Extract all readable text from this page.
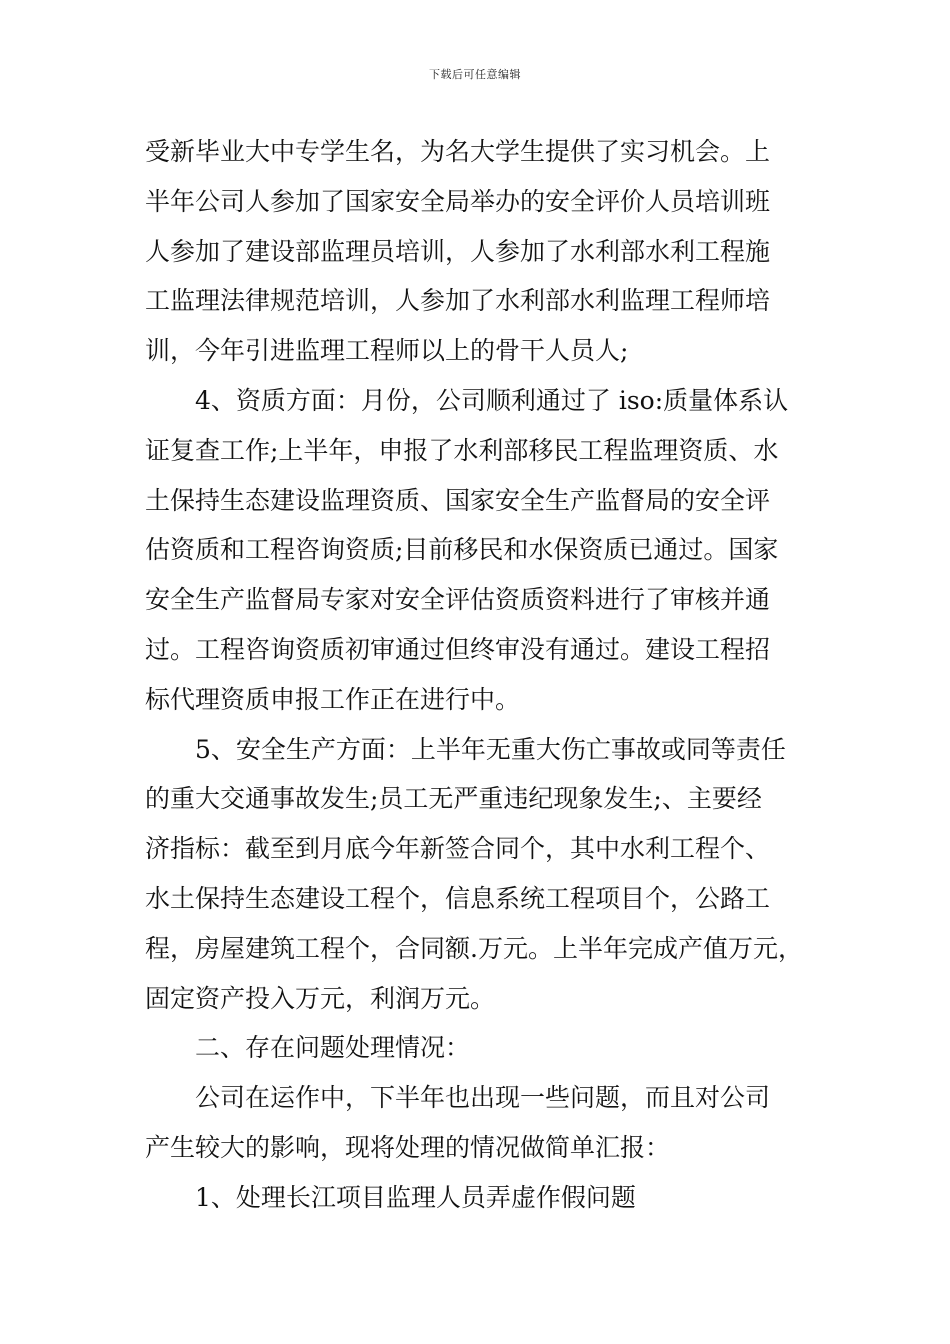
下载后可任意编辑
受新毕业大中专学生名，为名大学生提供了实习机会。上
半年公司人参加了国家安全局举办的安全评价人员培训班
人参加了建设部监理员培训，人参加了水利部水利工程施
工监理法律规范培训，人参加了水利部水利监理工程师培
训，今年引进监理工程师以上的骨干人员人;
4、资质方面：月份，公司顺利通过了 iso:质量体系认
证复查工作;上半年，申报了水利部移民工程监理资质、水
土保持生态建设监理资质、国家安全生产监督局的安全评
估资质和工程咨询资质;目前移民和水保资质已通过。国家
安全生产监督局专家对安全评估资质资料进行了审核并通
过。工程咨询资质初审通过但终审没有通过。建设工程招
标代理资质申报工作正在进行中。
5、安全生产方面：上半年无重大伤亡事故或同等责任
的重大交通事故发生;员工无严重违纪现象发生;、主要经
济指标：截至到月底今年新签合同个，其中水利工程个、
水土保持生态建设工程个，信息系统工程项目个，公路工
程，房屋建筑工程个，合同额.万元。上半年完成产值万元，
固定资产投入万元，利润万元。
二、存在问题处理情况：
公司在运作中，下半年也出现一些问题，而且对公司
产生较大的影响，现将处理的情况做简单汇报：
1、处理长江项目监理人员弄虚作假问题
